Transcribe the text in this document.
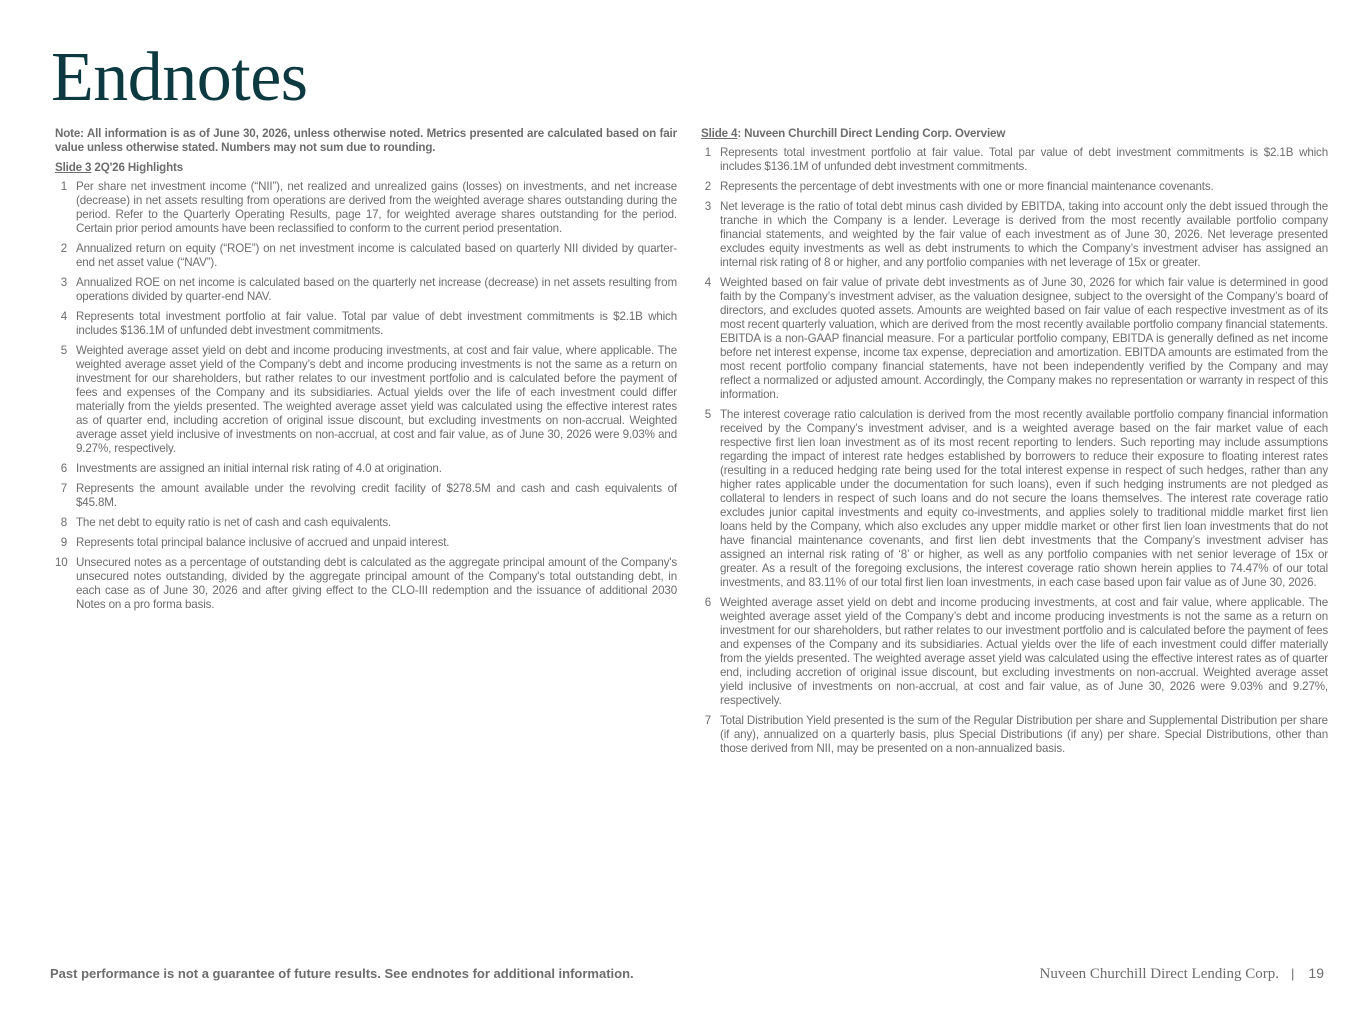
Endnotes

Note: All information is as of June 30, 2026, unless otherwise noted. Metrics presented are calculated based on fair value unless otherwise stated. Numbers may not sum due to rounding.

Slide 3 2Q'26 Highlights

1 Per share net investment income (“NII”), net realized and unrealized gains (losses) on investments, and net increase (decrease) in net assets resulting from operations are derived from the weighted average shares outstanding during the period. Refer to the Quarterly Operating Results, page 17, for weighted average shares outstanding for the period. Certain prior period amounts have been reclassified to conform to the current period presentation.
2 Annualized return on equity (“ROE”) on net investment income is calculated based on quarterly NII divided by quarter-end net asset value (“NAV”).
3 Annualized ROE on net income is calculated based on the quarterly net increase (decrease) in net assets resulting from operations divided by quarter-end NAV.
4 Represents total investment portfolio at fair value. Total par value of debt investment commitments is $2.1B which includes $136.1M of unfunded debt investment commitments.
5 Weighted average asset yield on debt and income producing investments, at cost and fair value, where applicable. The weighted average asset yield of the Company’s debt and income producing investments is not the same as a return on investment for our shareholders, but rather relates to our investment portfolio and is calculated before the payment of fees and expenses of the Company and its subsidiaries. Actual yields over the life of each investment could differ materially from the yields presented. The weighted average asset yield was calculated using the effective interest rates as of quarter end, including accretion of original issue discount, but excluding investments on non-accrual. Weighted average asset yield inclusive of investments on non-accrual, at cost and fair value, as of June 30, 2026 were 9.03% and 9.27%, respectively.
6 Investments are assigned an initial internal risk rating of 4.0 at origination.
7 Represents the amount available under the revolving credit facility of $278.5M and cash and cash equivalents of $45.8M.
8 The net debt to equity ratio is net of cash and cash equivalents.
9 Represents total principal balance inclusive of accrued and unpaid interest.
10 Unsecured notes as a percentage of outstanding debt is calculated as the aggregate principal amount of the Company's unsecured notes outstanding, divided by the aggregate principal amount of the Company's total outstanding debt, in each case as of June 30, 2026 and after giving effect to the CLO-III redemption and the issuance of additional 2030 Notes on a pro forma basis.

Slide 4: Nuveen Churchill Direct Lending Corp. Overview

1 Represents total investment portfolio at fair value. Total par value of debt investment commitments is $2.1B which includes $136.1M of unfunded debt investment commitments.
2 Represents the percentage of debt investments with one or more financial maintenance covenants.
3 Net leverage is the ratio of total debt minus cash divided by EBITDA, taking into account only the debt issued through the tranche in which the Company is a lender. Leverage is derived from the most recently available portfolio company financial statements, and weighted by the fair value of each investment as of June 30, 2026. Net leverage presented excludes equity investments as well as debt instruments to which the Company’s investment adviser has assigned an internal risk rating of 8 or higher, and any portfolio companies with net leverage of 15x or greater.
4 Weighted based on fair value of private debt investments as of June 30, 2026 for which fair value is determined in good faith by the Company’s investment adviser, as the valuation designee, subject to the oversight of the Company’s board of directors, and excludes quoted assets. Amounts are weighted based on fair value of each respective investment as of its most recent quarterly valuation, which are derived from the most recently available portfolio company financial statements. EBITDA is a non-GAAP financial measure. For a particular portfolio company, EBITDA is generally defined as net income before net interest expense, income tax expense, depreciation and amortization. EBITDA amounts are estimated from the most recent portfolio company financial statements, have not been independently verified by the Company and may reflect a normalized or adjusted amount. Accordingly, the Company makes no representation or warranty in respect of this information.
5 The interest coverage ratio calculation is derived from the most recently available portfolio company financial information received by the Company’s investment adviser, and is a weighted average based on the fair market value of each respective first lien loan investment as of its most recent reporting to lenders. Such reporting may include assumptions regarding the impact of interest rate hedges established by borrowers to reduce their exposure to floating interest rates (resulting in a reduced hedging rate being used for the total interest expense in respect of such hedges, rather than any higher rates applicable under the documentation for such loans), even if such hedging instruments are not pledged as collateral to lenders in respect of such loans and do not secure the loans themselves. The interest rate coverage ratio excludes junior capital investments and equity co-investments, and applies solely to traditional middle market first lien loans held by the Company, which also excludes any upper middle market or other first lien loan investments that do not have financial maintenance covenants, and first lien debt investments that the Company’s investment adviser has assigned an internal risk rating of ‘8’ or higher, as well as any portfolio companies with net senior leverage of 15x or greater. As a result of the foregoing exclusions, the interest coverage ratio shown herein applies to 74.47% of our total investments, and 83.11% of our total first lien loan investments, in each case based upon fair value as of June 30, 2026.
6 Weighted average asset yield on debt and income producing investments, at cost and fair value, where applicable. The weighted average asset yield of the Company’s debt and income producing investments is not the same as a return on investment for our shareholders, but rather relates to our investment portfolio and is calculated before the payment of fees and expenses of the Company and its subsidiaries. Actual yields over the life of each investment could differ materially from the yields presented. The weighted average asset yield was calculated using the effective interest rates as of quarter end, including accretion of original issue discount, but excluding investments on non-accrual. Weighted average asset yield inclusive of investments on non-accrual, at cost and fair value, as of June 30, 2026 were 9.03% and 9.27%, respectively.
7 Total Distribution Yield presented is the sum of the Regular Distribution per share and Supplemental Distribution per share (if any), annualized on a quarterly basis, plus Special Distributions (if any) per share. Special Distributions, other than those derived from NII, may be presented on a non-annualized basis.
Past performance is not a guarantee of future results. See endnotes for additional information.	Nuveen Churchill Direct Lending Corp. | 19
